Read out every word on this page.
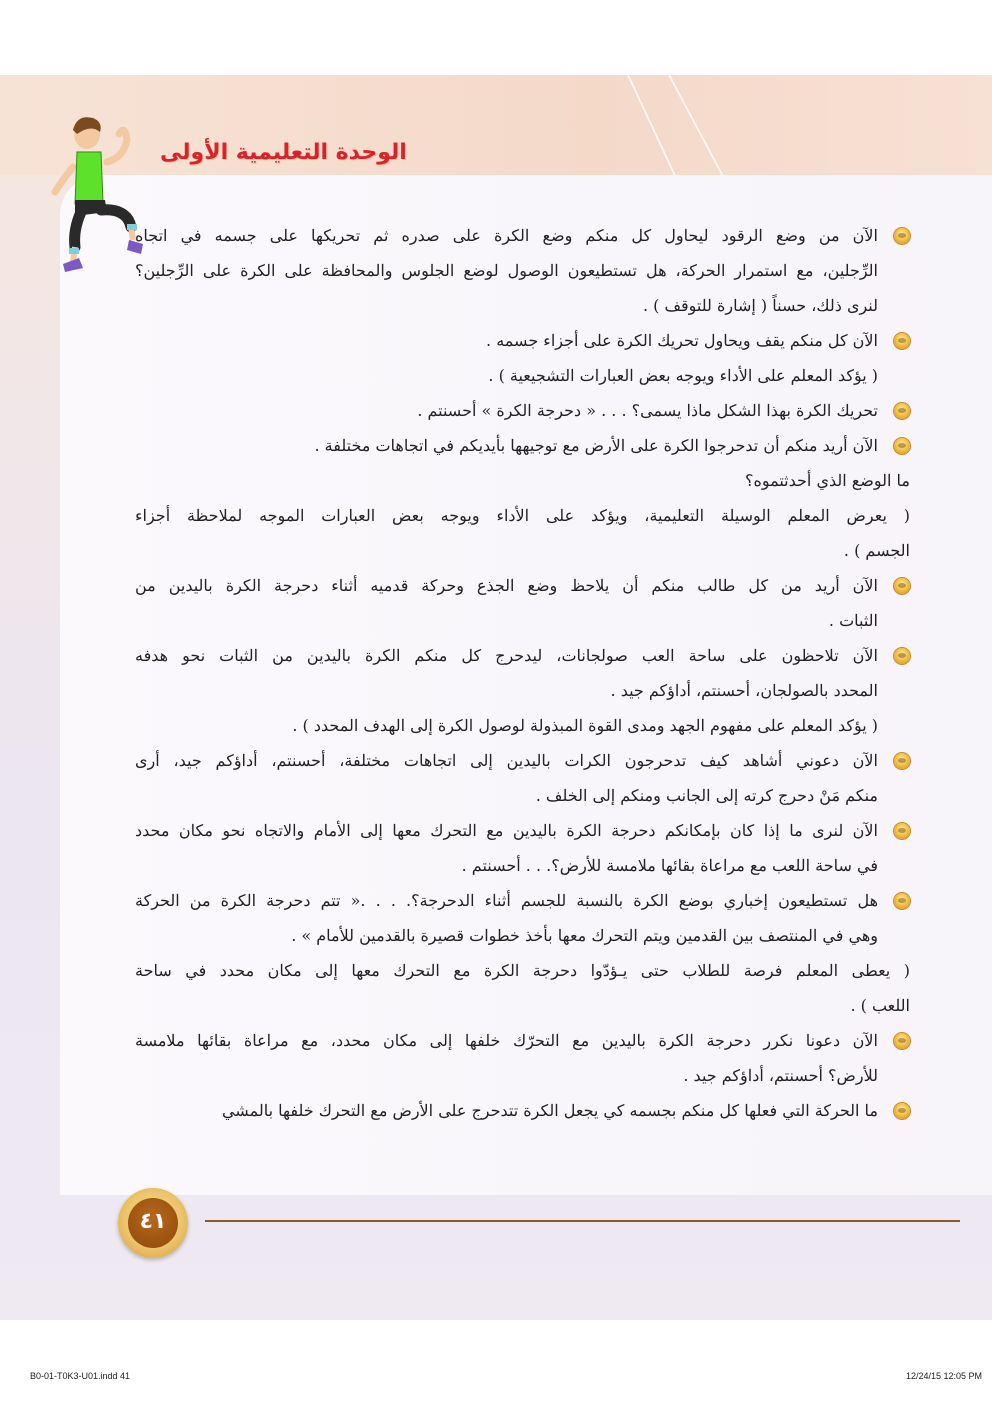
الوحدة التعليمية الأولى
الآن من وضع الرقود ليحاول كل منكم وضع الكرة على صدره ثم تحريكها على جسمه في اتجاه
الرِّجلين، مع استمرار الحركة، هل تستطيعون الوصول لوضع الجلوس والمحافظة على الكرة على الرِّجلين؟
لنرى ذلك، حسناً ( إشارة للتوقف ) .
الآن كل منكم يقف ويحاول تحريك الكرة على أجزاء جسمه .
( يؤكد المعلم على الأداء ويوجه بعض العبارات التشجيعية ) .
تحريك الكرة بهذا الشكل ماذا يسمى؟ . . . « دحرجة الكرة » أحسنتم .
الآن أريد منكم أن تدحرجوا الكرة على الأرض مع توجيهها بأيديكم في اتجاهات مختلفة .
ما الوضع الذي أحدثتموه؟
( يعرض المعلم الوسيلة التعليمية، ويؤكد على الأداء ويوجه بعض العبارات الموجه لملاحظة أجزاء
الجسم ) .
الآن أريد من كل طالب منكم أن يلاحظ وضع الجذع وحركة قدميه أثناء دحرجة الكرة باليدين من
الثبات .
الآن تلاحظون على ساحة العب صولجانات، ليدحرج كل منكم الكرة باليدين من الثبات نحو هدفه
المحدد بالصولجان، أحسنتم، أداؤكم جيد .
( يؤكد المعلم على مفهوم الجهد ومدى القوة المبذولة لوصول الكرة إلى الهدف المحدد ) .
الآن دعوني أشاهد كيف تدحرجون الكرات باليدين إلى اتجاهات مختلفة، أحسنتم، أداؤكم جيد، أرى
منكم مَنْ دحرج كرته إلى الجانب ومنكم إلى الخلف .
الآن لنرى ما إذا كان بإمكانكم دحرجة الكرة باليدين مع التحرك معها إلى الأمام والاتجاه نحو مكان محدد
في ساحة اللعب مع مراعاة بقائها ملامسة للأرض؟. . . أحسنتم .
هل تستطيعون إخباري بوضع الكرة بالنسبة للجسم أثناء الدحرجة؟. . . .« تتم دحرجة الكرة من الحركة
وهي في المنتصف بين القدمين ويتم التحرك معها بأخذ خطوات قصيرة بالقدمين للأمام » .
( يعطى المعلم فرصة للطلاب حتى يـؤدّوا دحرجة الكرة مع التحرك معها إلى مكان محدد في ساحة
اللعب ) .
الآن دعونا نكرر دحرجة الكرة باليدين مع التحرّك خلفها إلى مكان محدد، مع مراعاة بقائها ملامسة
للأرض؟ أحسنتم، أداؤكم جيد .
ما الحركة التي فعلها كل منكم بجسمه كي يجعل الكرة تتدحرج على الأرض مع التحرك خلفها بالمشي
٤١
B0-01-T0K3-U01.indd 41	12/24/15 12:05 PM
